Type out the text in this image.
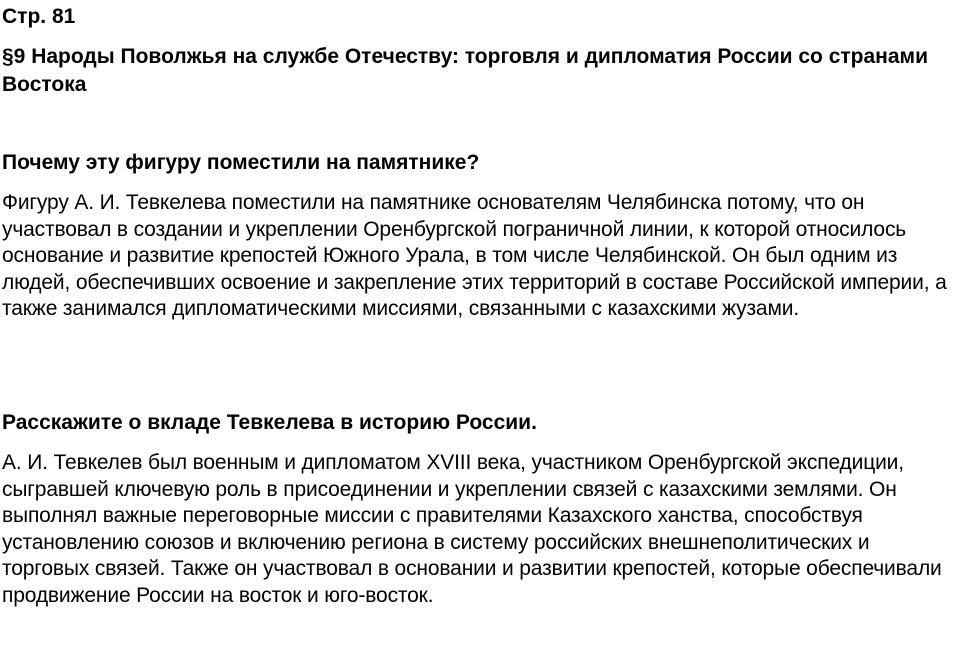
Стр. 81
§9 Народы Поволжья на службе Отечеству: торговля и дипломатия России со странами Востока
Почему эту фигуру поместили на памятнике?

Фигуру А. И. Тевкелева поместили на памятнике основателям Челябинска потому, что он участвовал в создании и укреплении Оренбургской пограничной линии, к которой относилось основание и развитие крепостей Южного Урала, в том числе Челябинской. Он был одним из людей, обеспечивших освоение и закрепление этих территорий в составе Российской империи, а также занимался дипломатическими миссиями, связанными с казахскими жузами.

Расскажите о вкладе Тевкелева в историю России.

А. И. Тевкелев был военным и дипломатом XVIII века, участником Оренбургской экспедиции, сыгравшей ключевую роль в присоединении и укреплении связей с казахскими землями. Он выполнял важные переговорные миссии с правителями Казахского ханства, способствуя установлению союзов и включению региона в систему российских внешнеполитических и торговых связей. Также он участвовал в основании и развитии крепостей, которые обеспечивали продвижение России на восток и юго-восток.
